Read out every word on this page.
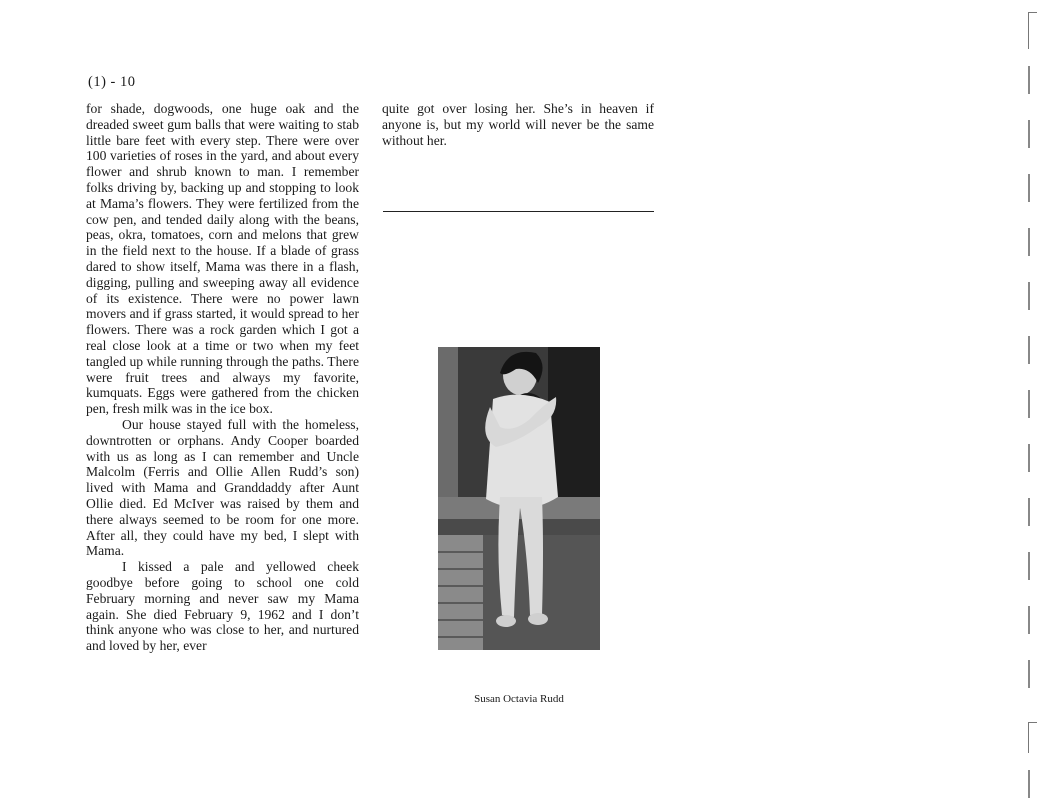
(1) - 10

for shade, dogwoods, one huge oak and the dreaded sweet gum balls that were waiting to stab little bare feet with every step. There were over 100 varieties of roses in the yard, and about every flower and shrub known to man. I remember folks driving by, backing up and stopping to look at Mama’s flowers. They were fertilized from the cow pen, and tended daily along with the beans, peas, okra, tomatoes, corn and melons that grew in the field next to the house. If a blade of grass dared to show itself, Mama was there in a flash, digging, pulling and sweeping away all evidence of its existence. There were no power lawn movers and if grass started, it would spread to her flowers. There was a rock garden which I got a real close look at a time or two when my feet tangled up while running through the paths. There were fruit trees and always my favorite, kumquats. Eggs were gathered from the chicken pen, fresh milk was in the ice box.

Our house stayed full with the homeless, downtrotten or orphans. Andy Cooper boarded with us as long as I can remember and Uncle Malcolm (Ferris and Ollie Allen Rudd’s son) lived with Mama and Granddaddy after Aunt Ollie died. Ed McIver was raised by them and there always seemed to be room for one more. After all, they could have my bed, I slept with Mama.

I kissed a pale and yellowed cheek goodbye before going to school one cold February morning and never saw my Mama again. She died February 9, 1962 and I don’t think anyone who was close to her, and nurtured and loved by her, ever

quite got over losing her. She’s in heaven if anyone is, but my world will never be the same without her.

Susan Octavia Rudd
